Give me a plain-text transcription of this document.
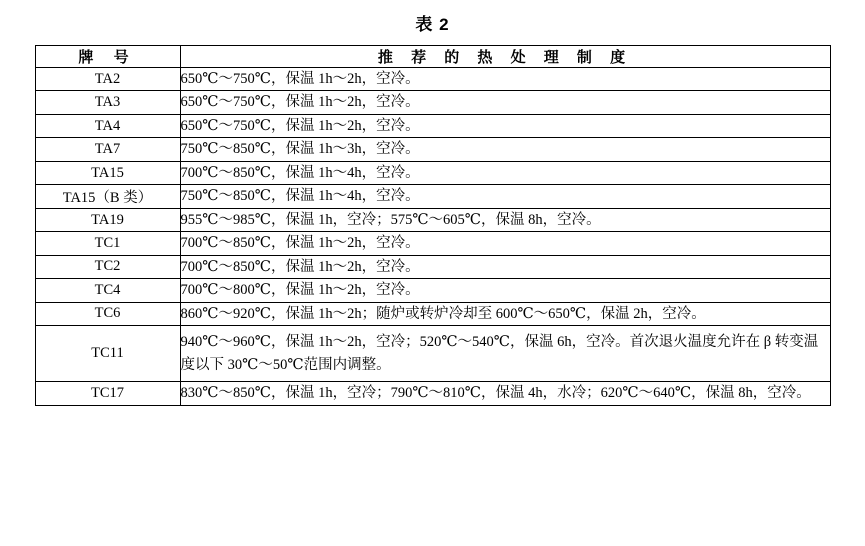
表 2
牌 号	推 荐 的 热 处 理 制 度
TA2	650℃～750℃，保温 1h～2h，空冷。
TA3	650℃～750℃，保温 1h～2h，空冷。
TA4	650℃～750℃，保温 1h～2h，空冷。
TA7	750℃～850℃，保温 1h～3h，空冷。
TA15	700℃～850℃，保温 1h～4h，空冷。
TA15（B 类）	750℃～850℃，保温 1h～4h，空冷。
TA19	955℃～985℃，保温 1h，空冷；575℃～605℃，保温 8h，空冷。
TC1	700℃～850℃，保温 1h～2h，空冷。
TC2	700℃～850℃，保温 1h～2h，空冷。
TC4	700℃～800℃，保温 1h～2h，空冷。
TC6	860℃～920℃，保温 1h～2h；随炉或转炉冷却至 600℃～650℃，保温 2h，空冷。
TC11	940℃～960℃，保温 1h～2h，空冷；520℃～540℃，保温 6h，空冷。首次退火温度允许在 β 转变温度以下 30℃～50℃范围内调整。
TC17	830℃～850℃，保温 1h，空冷；790℃～810℃，保温 4h，水冷；620℃～640℃，保温 8h，空冷。
